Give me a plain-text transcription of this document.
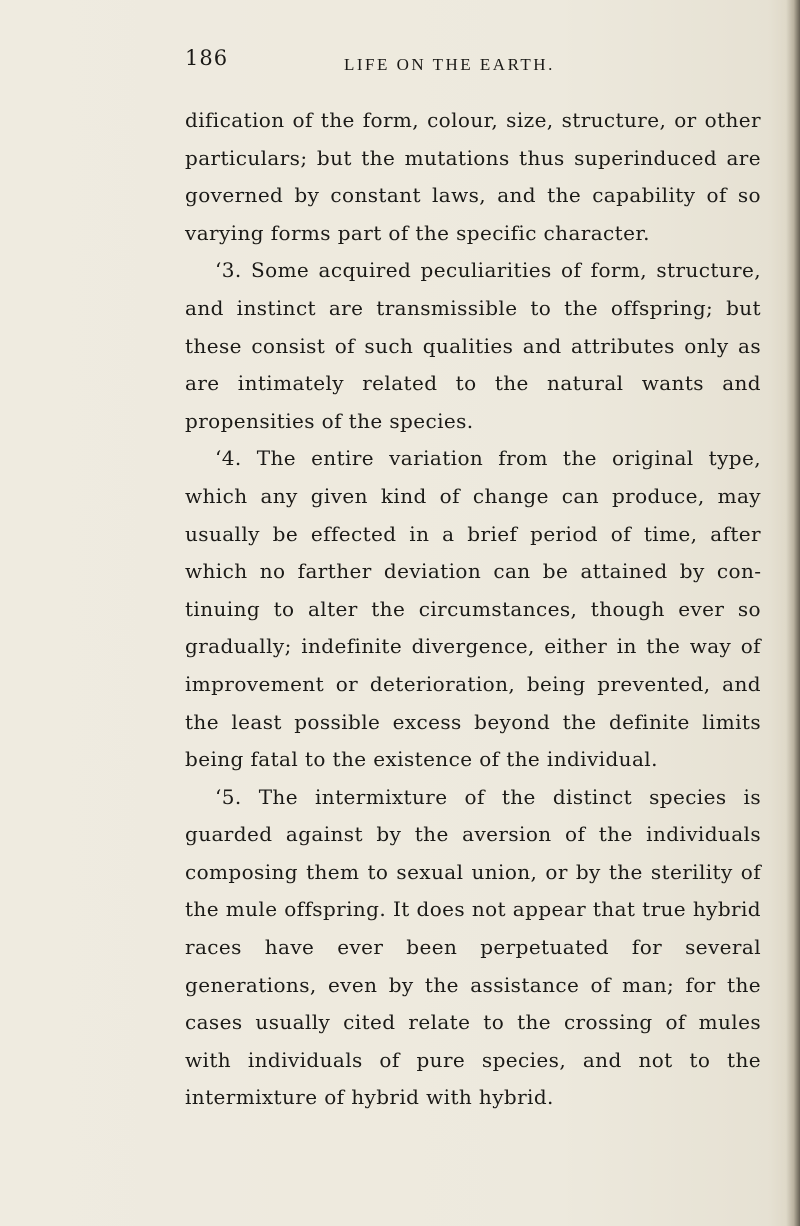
186	LIFE ON THE EARTH.

dification of the form, colour, size, structure, or other particulars; but the mutations thus superinduced are governed by constant laws, and the capability of so varying forms part of the specific character.

‘3. Some acquired peculiarities of form, structure, and instinct are transmissible to the offspring; but these consist of such qualities and attributes only as are intimately related to the natural wants and propensities of the species.

‘4. The entire variation from the original type, which any given kind of change can produce, may usually be effected in a brief period of time, after which no farther deviation can be attained by continuing to alter the circumstances, though ever so gradually; indefinite divergence, either in the way of improvement or deterioration, being prevented, and the least possible excess beyond the definite limits being fatal to the existence of the individual.

‘5. The intermixture of the distinct species is guarded against by the aversion of the individuals composing them to sexual union, or by the sterility of the mule offspring. It does not appear that true hybrid races have ever been perpetuated for several generations, even by the assistance of man; for the cases usually cited relate to the crossing of mules with individuals of pure species, and not to the intermixture of hybrid with hybrid.
